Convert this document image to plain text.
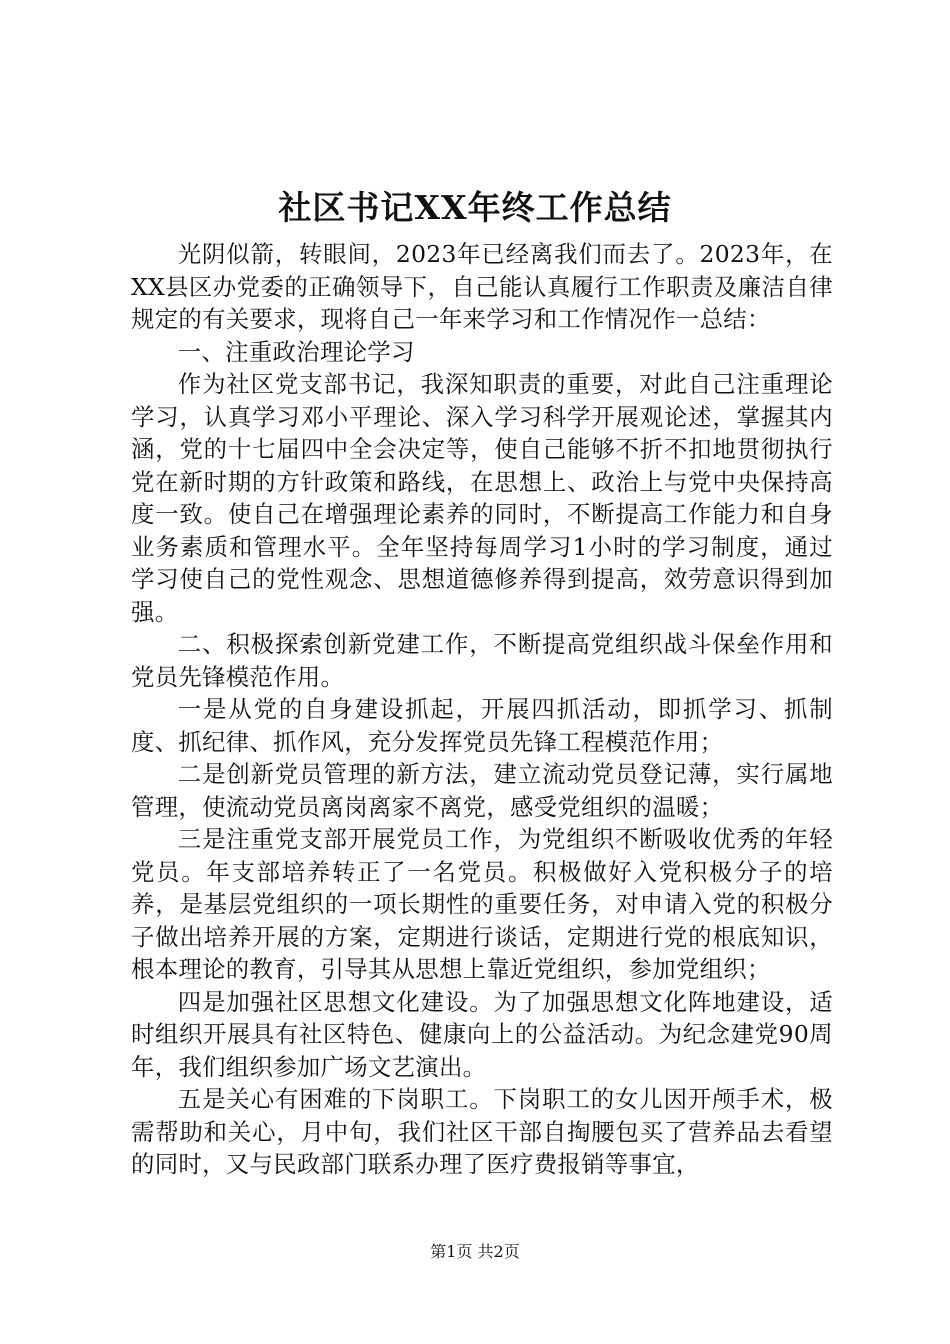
社区书记XX年终工作总结

光阴似箭，转眼间，2023年已经离我们而去了。2023年，在XX县区办党委的正确领导下，自己能认真履行工作职责及廉洁自律规定的有关要求，现将自己一年来学习和工作情况作一总结：

一、注重政治理论学习

作为社区党支部书记，我深知职责的重要，对此自己注重理论学习，认真学习邓小平理论、深入学习科学开展观论述，掌握其内涵，党的十七届四中全会决定等，使自己能够不折不扣地贯彻执行党在新时期的方针政策和路线，在思想上、政治上与党中央保持高度一致。使自己在增强理论素养的同时，不断提高工作能力和自身业务素质和管理水平。全年坚持每周学习1小时的学习制度，通过学习使自己的党性观念、思想道德修养得到提高，效劳意识得到加强。

二、积极探索创新党建工作，不断提高党组织战斗保垒作用和党员先锋模范作用。

一是从党的自身建设抓起，开展四抓活动，即抓学习、抓制度、抓纪律、抓作风，充分发挥党员先锋工程模范作用；

二是创新党员管理的新方法，建立流动党员登记薄，实行属地管理，使流动党员离岗离家不离党，感受党组织的温暖；

三是注重党支部开展党员工作，为党组织不断吸收优秀的年轻党员。年支部培养转正了一名党员。积极做好入党积极分子的培养，是基层党组织的一项长期性的重要任务，对申请入党的积极分子做出培养开展的方案，定期进行谈话，定期进行党的根底知识，根本理论的教育，引导其从思想上靠近党组织，参加党组织；

四是加强社区思想文化建设。为了加强思想文化阵地建设，适时组织开展具有社区特色、健康向上的公益活动。为纪念建党90周年，我们组织参加广场文艺演出。

五是关心有困难的下岗职工。下岗职工的女儿因开颅手术，极需帮助和关心，月中旬，我们社区干部自掏腰包买了营养品去看望的同时，又与民政部门联系办理了医疗费报销等事宜，

第1页 共2页
